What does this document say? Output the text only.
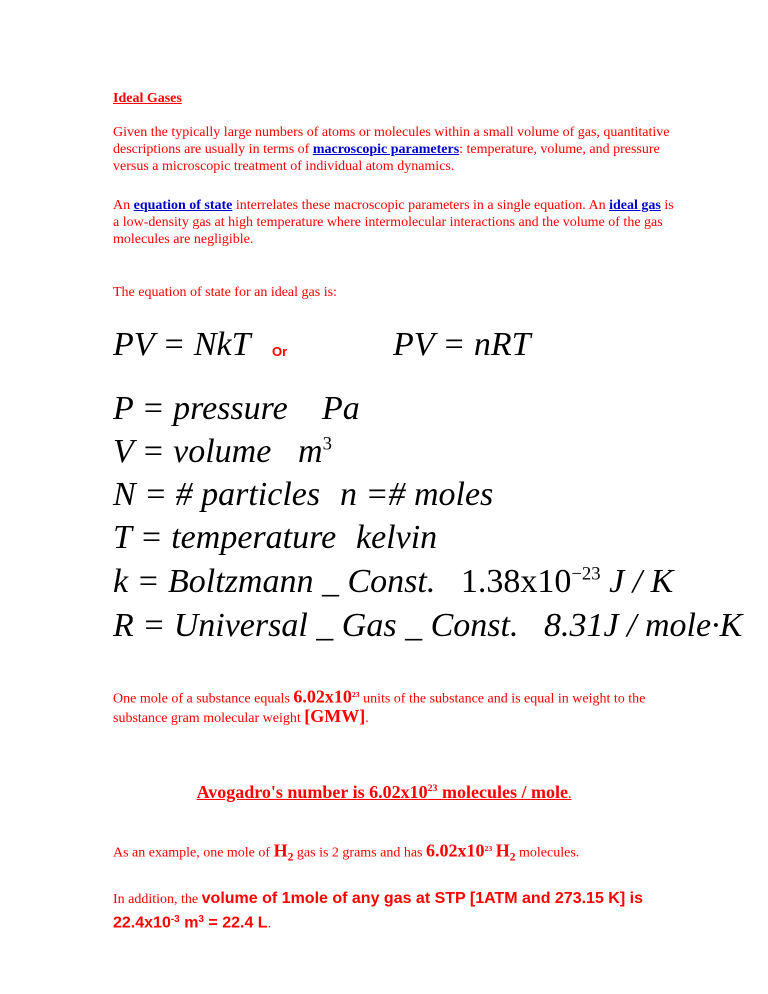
Ideal Gases
Given the typically large numbers of atoms or molecules within a small volume of gas, quantitative descriptions are usually in terms of macroscopic parameters: temperature, volume, and pressure versus a microscopic treatment of individual atom dynamics.
An equation of state interrelates these macroscopic parameters in a single equation. An ideal gas is a low-density gas at high temperature where intermolecular interactions and the volume of the gas molecules are negligible.
The equation of state for an ideal gas is:
PV = NkT Or	PV = nRT
P = pressure Pa
V = volume $m^3$
N = # particles n =# moles
T = temperature kelvin
k = Boltzmann _ Const. $1.38x10^{-23}$ J / K
R = Universal _ Gas _ Const. 8.31J / mole·K
One mole of a substance equals $6.02x10^{23}$ units of the substance and is equal in weight to the substance gram molecular weight [GMW].
Avogadro's number is $6.02x10^{23}$ molecules / mole.
As an example, one mole of $H_2$ gas is 2 grams and has $6.02x10^{23}$ $H_2$ molecules.
In addition, the volume of 1mole of any gas at STP [1ATM and 273.15 K] is $22.4x10^{-3}$ $m^3 = 22.4$ L.
